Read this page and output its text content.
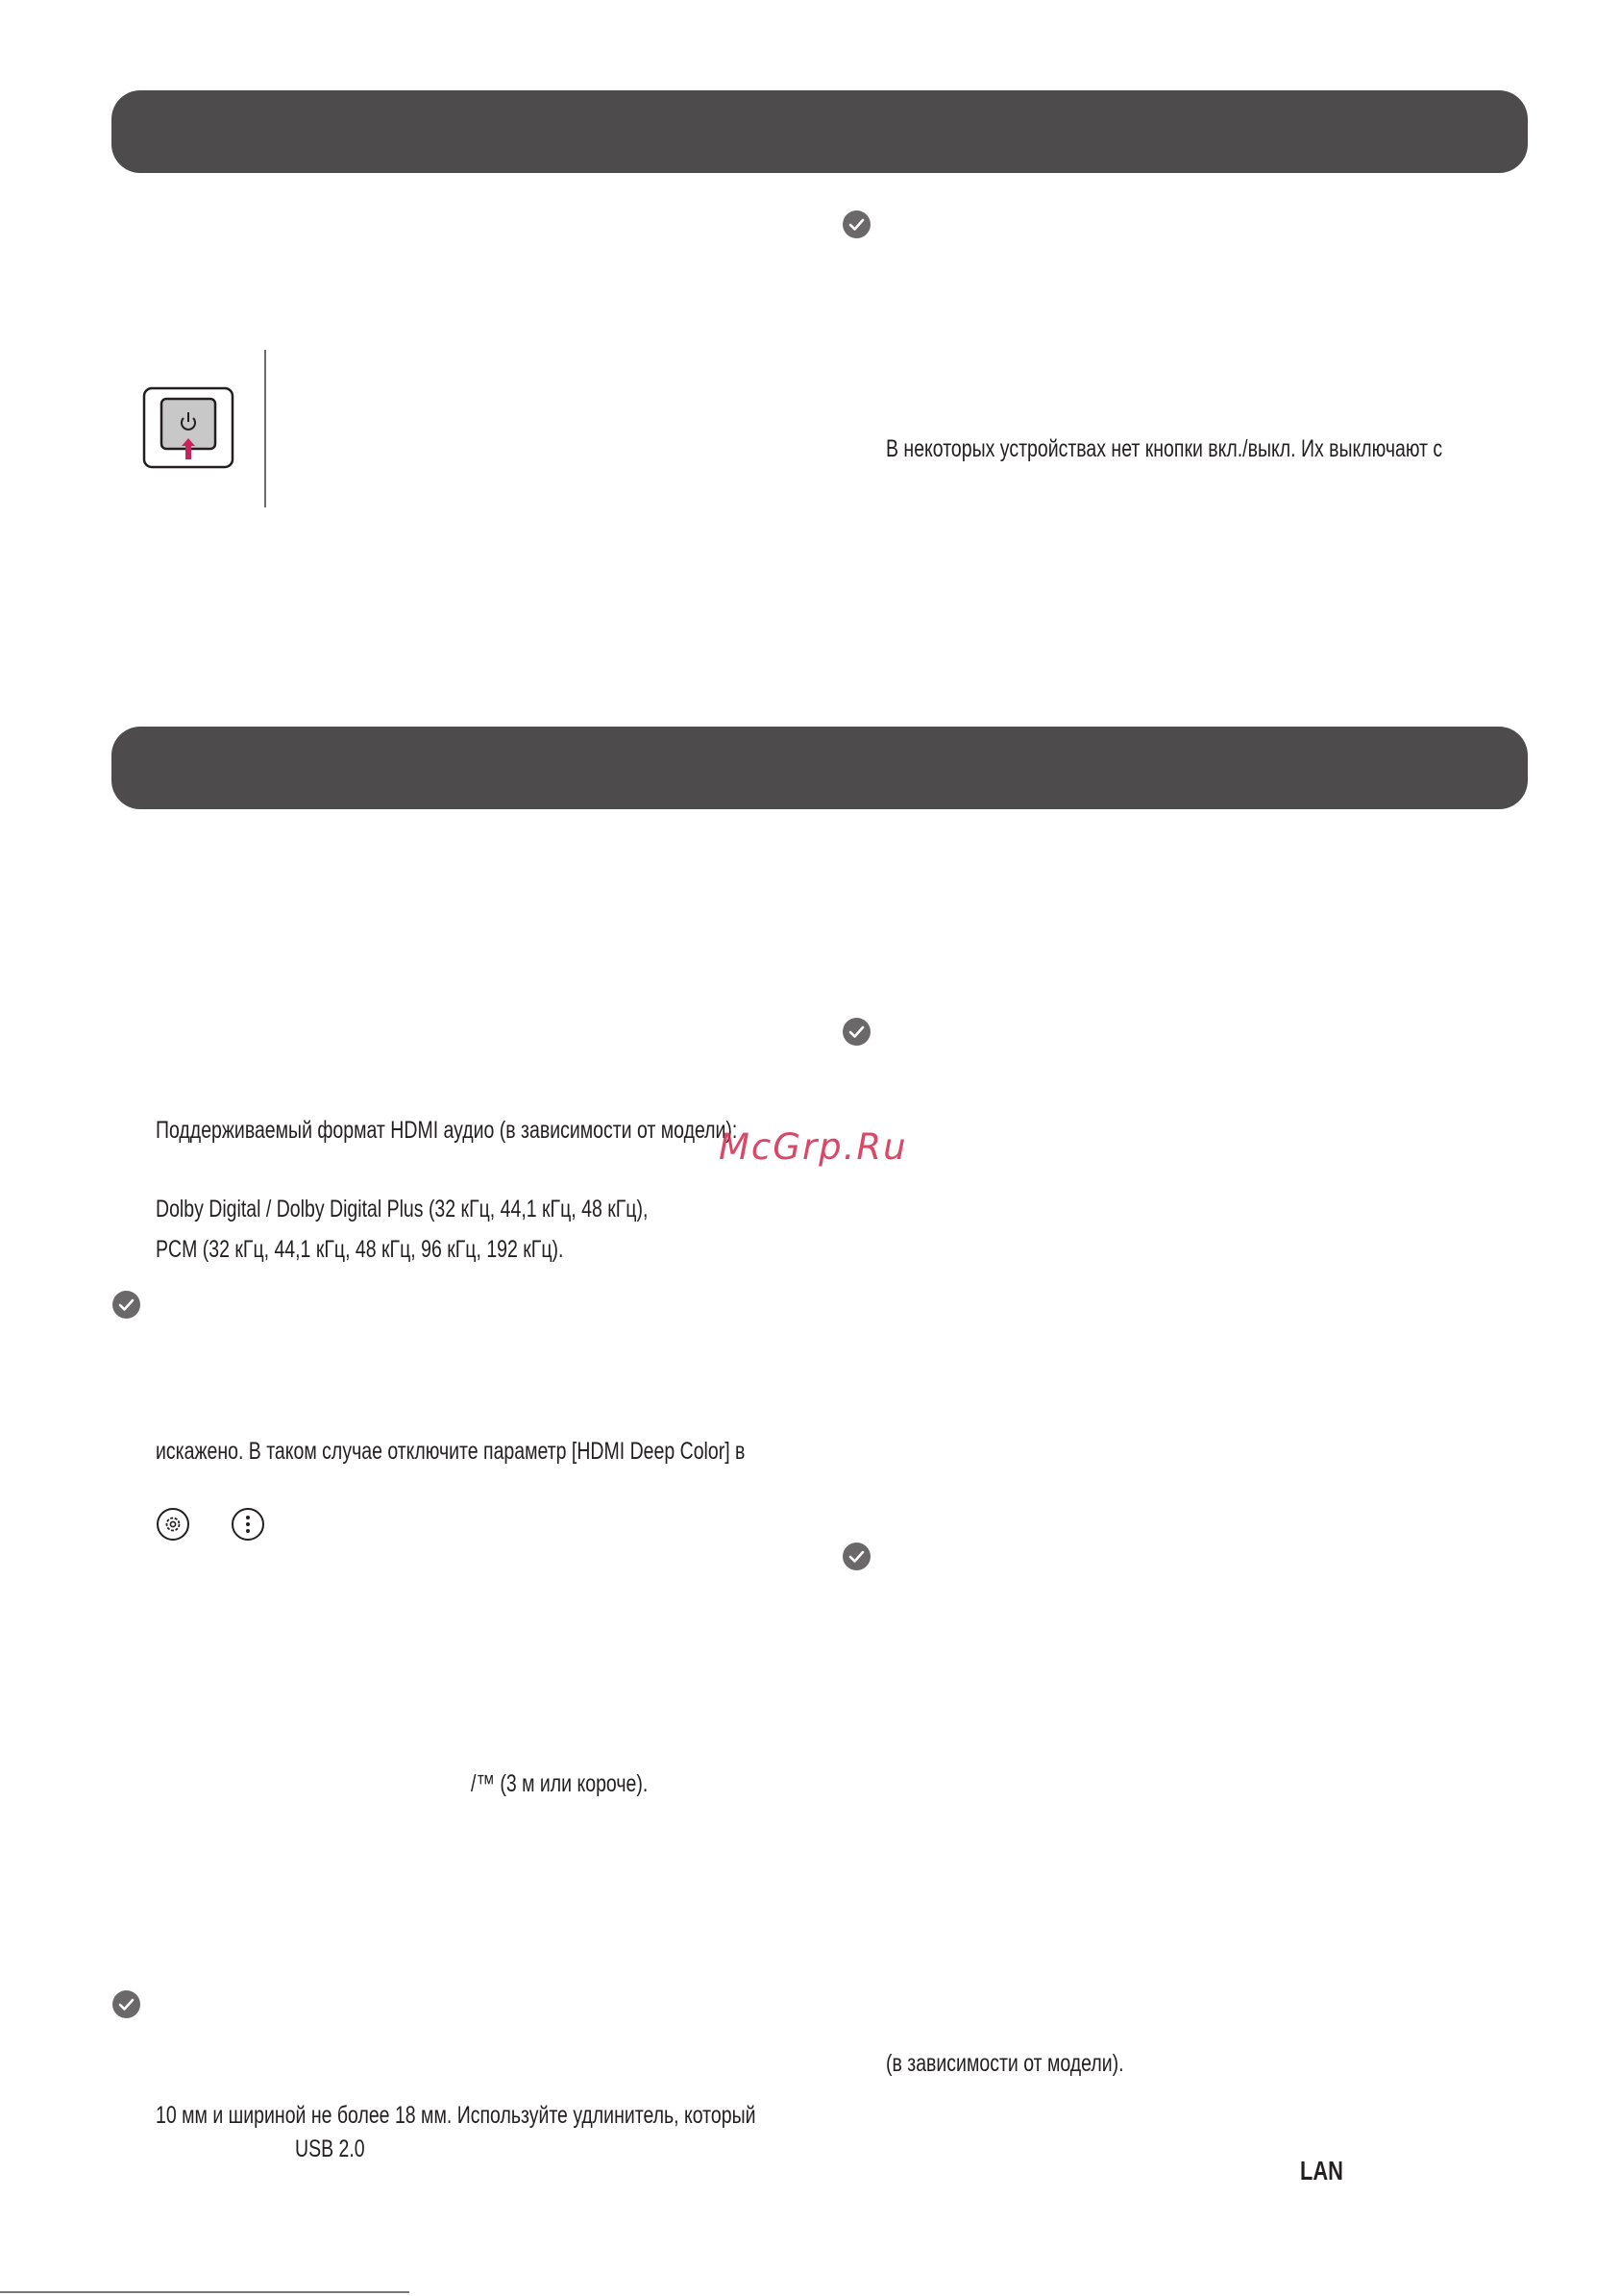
В некоторых устройствах нет кнопки вкл./выкл. Их выключают с
Поддерживаемый формат HDMI аудио (в зависимости от модели):
McGrp.Ru
Dolby Digital / Dolby Digital Plus (32 кГц, 44,1 кГц, 48 кГц),
PCM (32 кГц, 44,1 кГц, 48 кГц, 96 кГц, 192 кГц).
искажено. В таком случае отключите параметр [HDMI Deep Color] в
/™ (3 м или короче).
(в зависимости от модели).
10 мм и шириной не более 18 мм. Используйте удлинитель, который
USB 2.0
LAN
